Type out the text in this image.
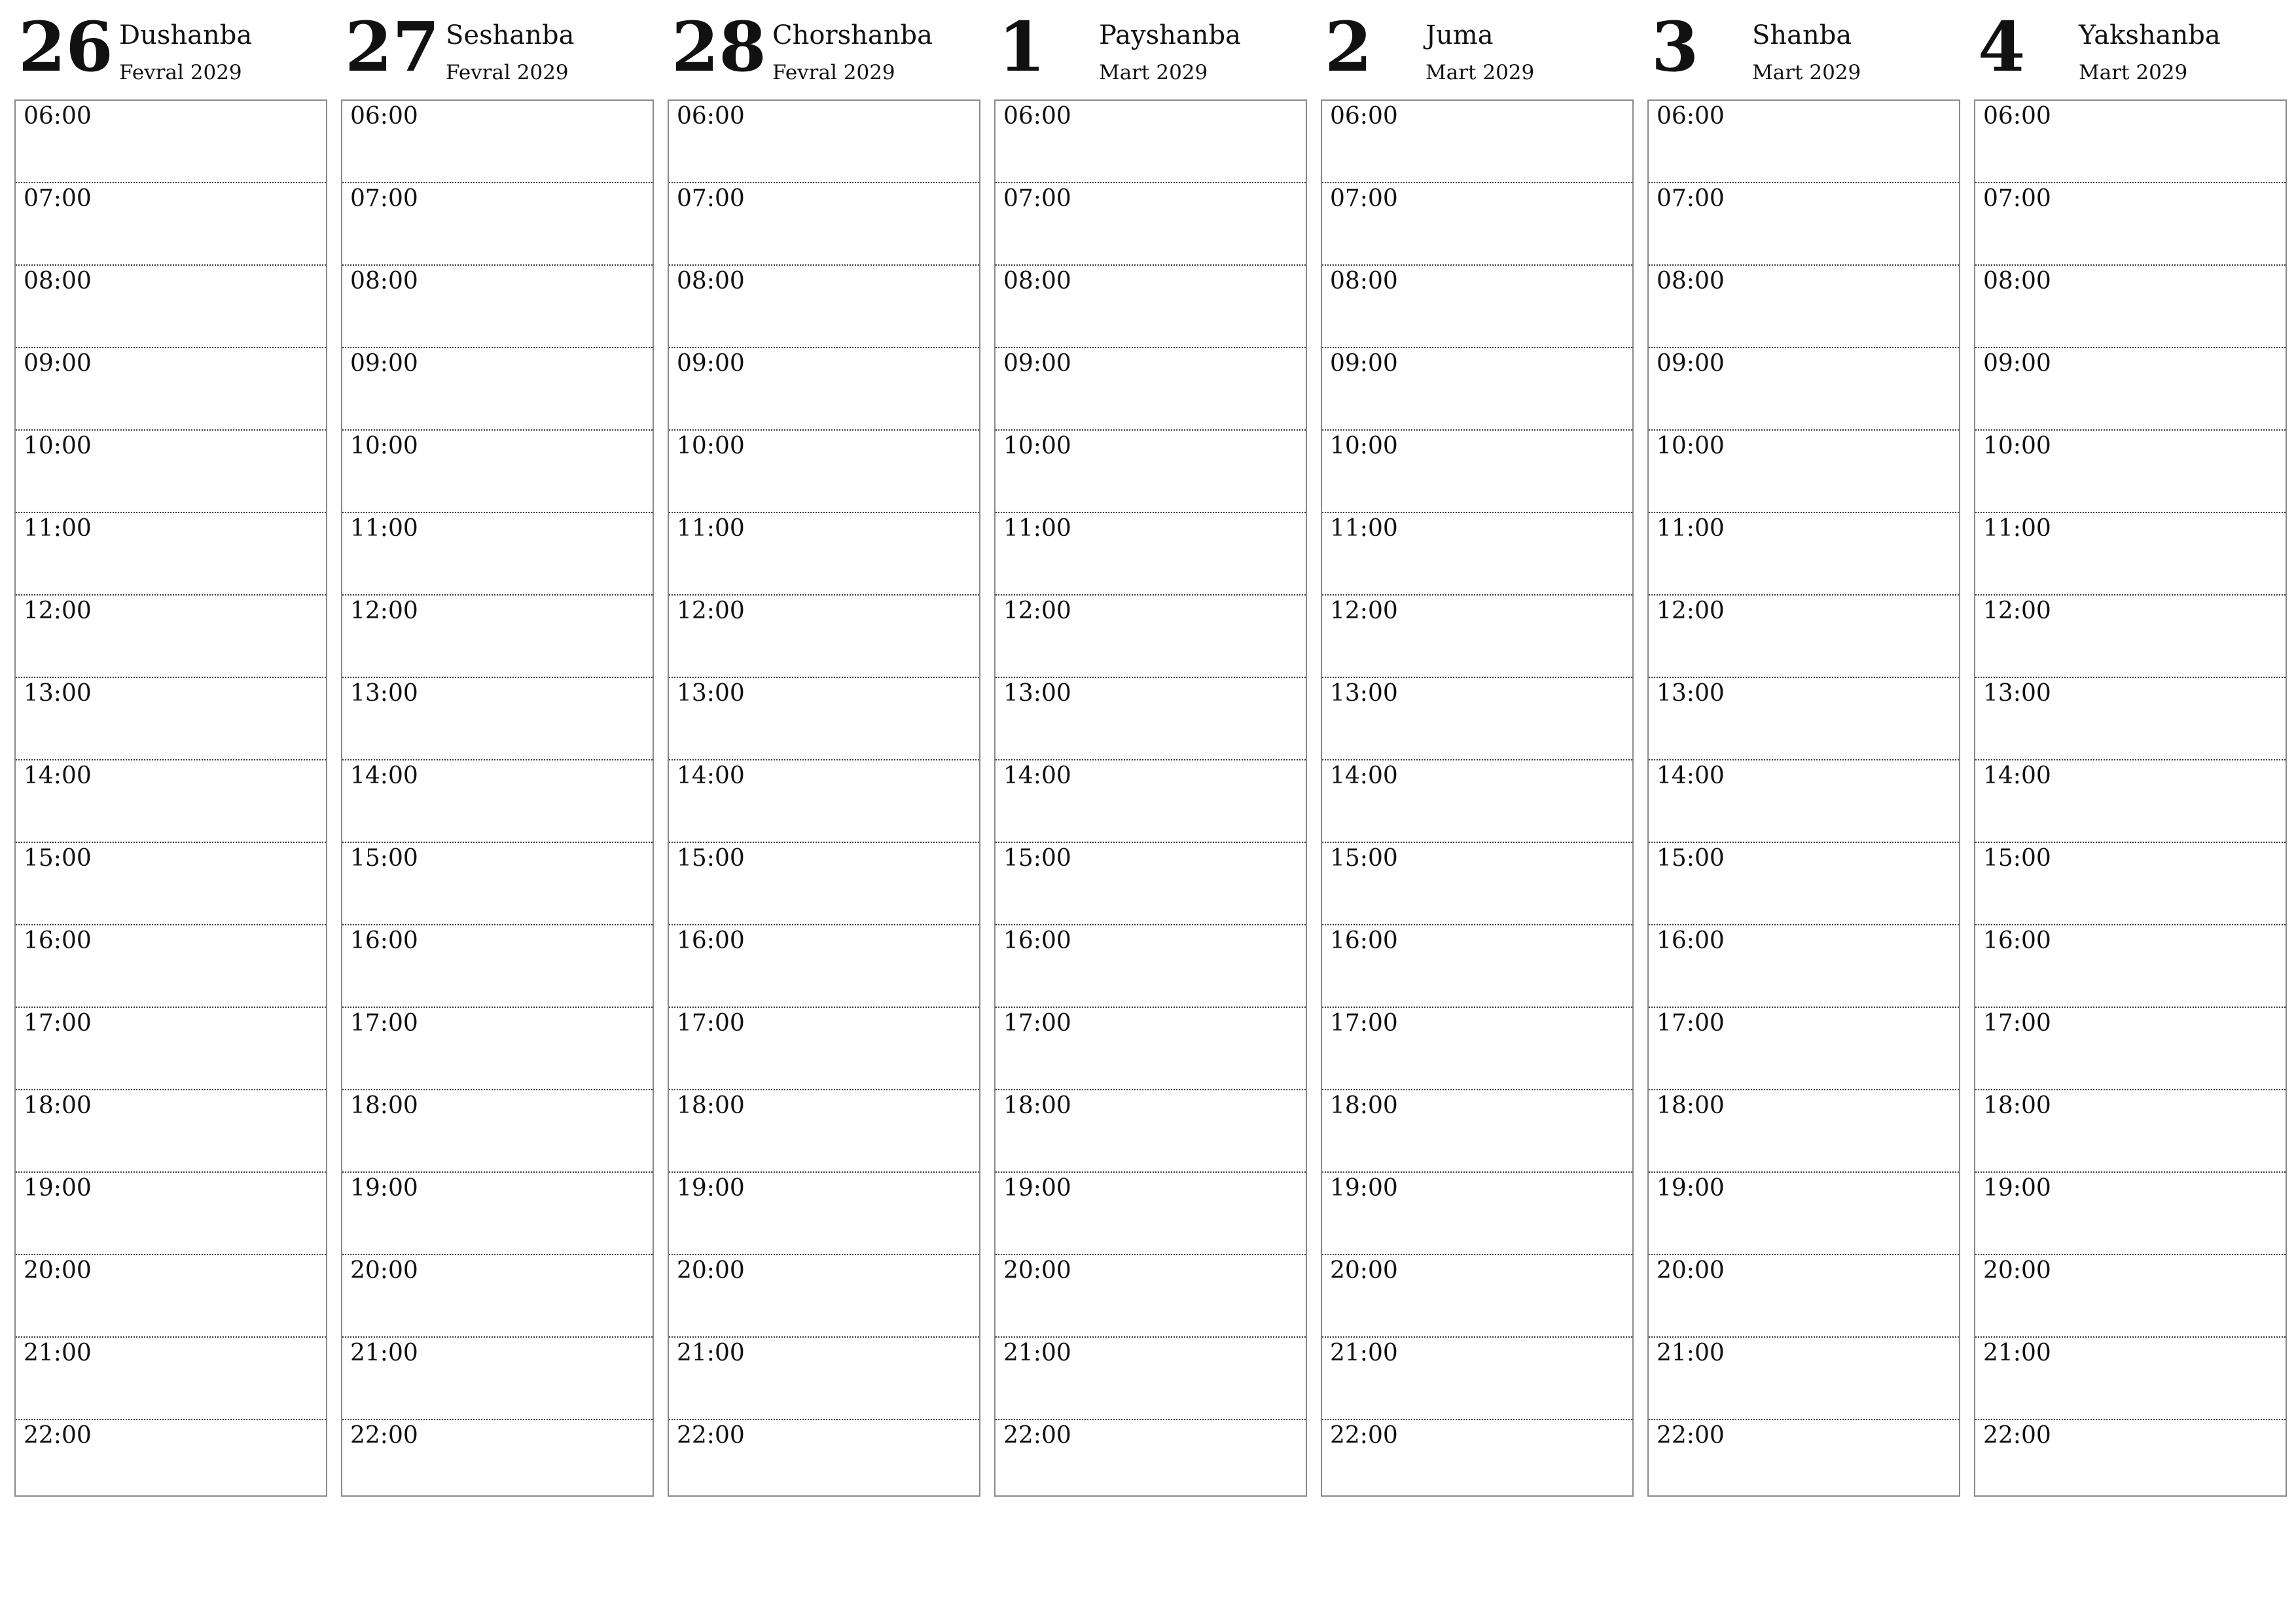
26 Dushanba
Fevral 2029
06:00
07:00
08:00
09:00
10:00
11:00
12:00
13:00
14:00
15:00
16:00
17:00
18:00
19:00
20:00
21:00
22:00
27 Seshanba
Fevral 2029
06:00
07:00
08:00
09:00
10:00
11:00
12:00
13:00
14:00
15:00
16:00
17:00
18:00
19:00
20:00
21:00
22:00
28 Chorshanba
Fevral 2029
06:00
07:00
08:00
09:00
10:00
11:00
12:00
13:00
14:00
15:00
16:00
17:00
18:00
19:00
20:00
21:00
22:00
1 Payshanba
Mart 2029
06:00
07:00
08:00
09:00
10:00
11:00
12:00
13:00
14:00
15:00
16:00
17:00
18:00
19:00
20:00
21:00
22:00
2 Juma
Mart 2029
06:00
07:00
08:00
09:00
10:00
11:00
12:00
13:00
14:00
15:00
16:00
17:00
18:00
19:00
20:00
21:00
22:00
3 Shanba
Mart 2029
06:00
07:00
08:00
09:00
10:00
11:00
12:00
13:00
14:00
15:00
16:00
17:00
18:00
19:00
20:00
21:00
22:00
4 Yakshanba
Mart 2029
06:00
07:00
08:00
09:00
10:00
11:00
12:00
13:00
14:00
15:00
16:00
17:00
18:00
19:00
20:00
21:00
22:00
